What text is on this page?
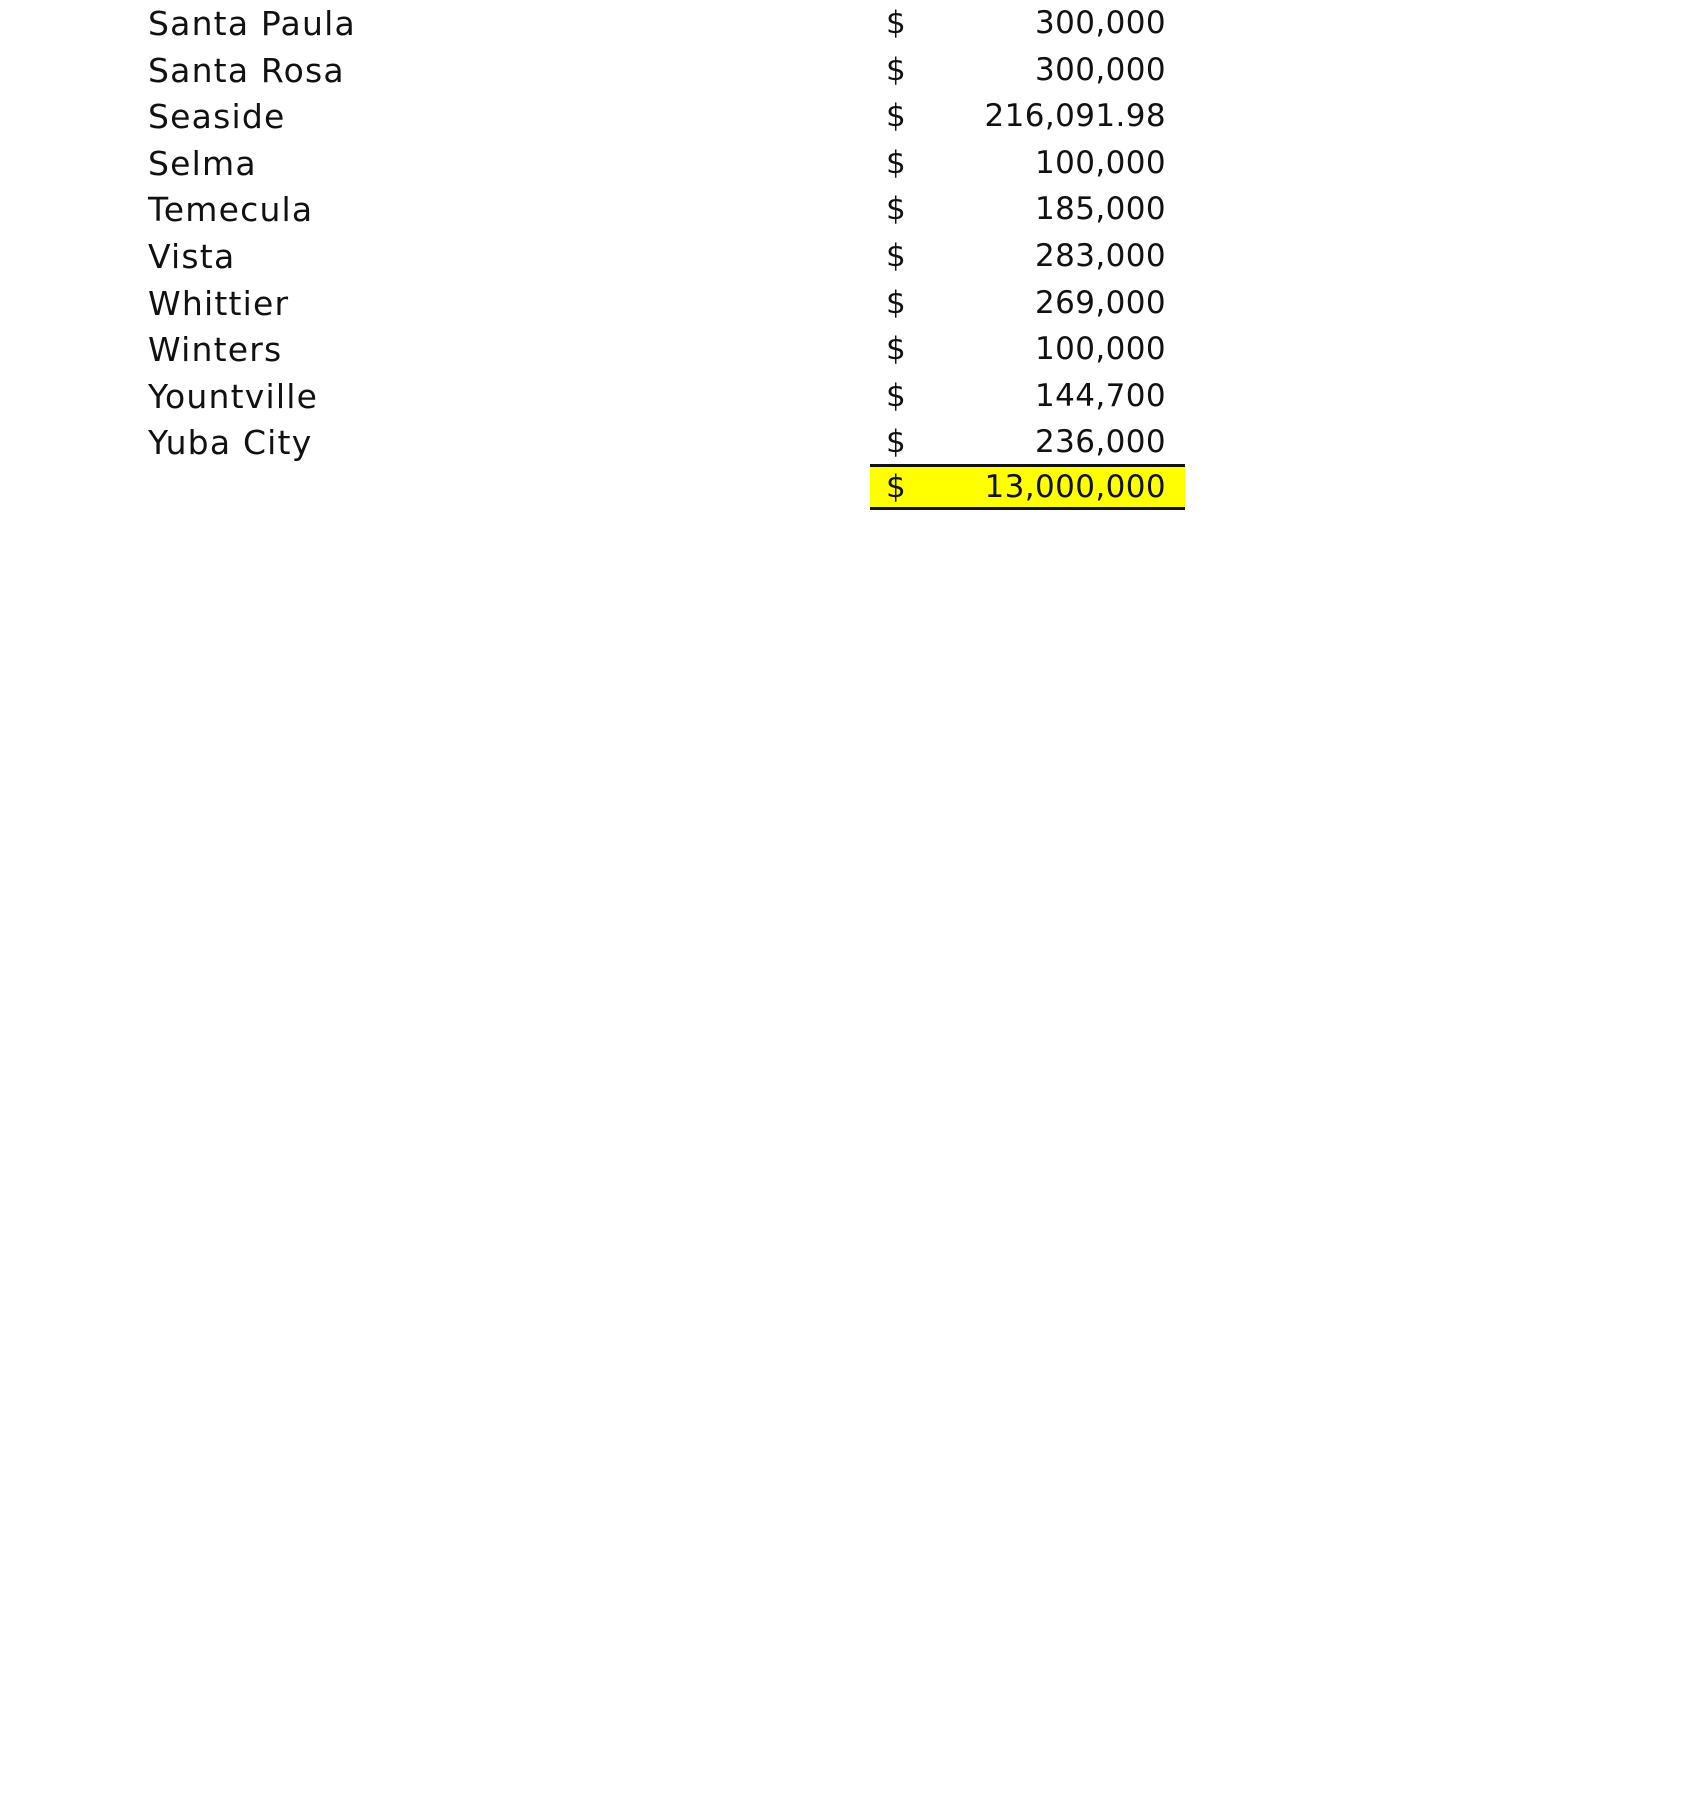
Santa Paula	$	300,000
Santa Rosa	$	300,000
Seaside	$	216,091.98
Selma	$	100,000
Temecula	$	185,000
Vista	$	283,000
Whittier	$	269,000
Winters	$	100,000
Yountville	$	144,700
Yuba City	$	236,000
$	13,000,000
